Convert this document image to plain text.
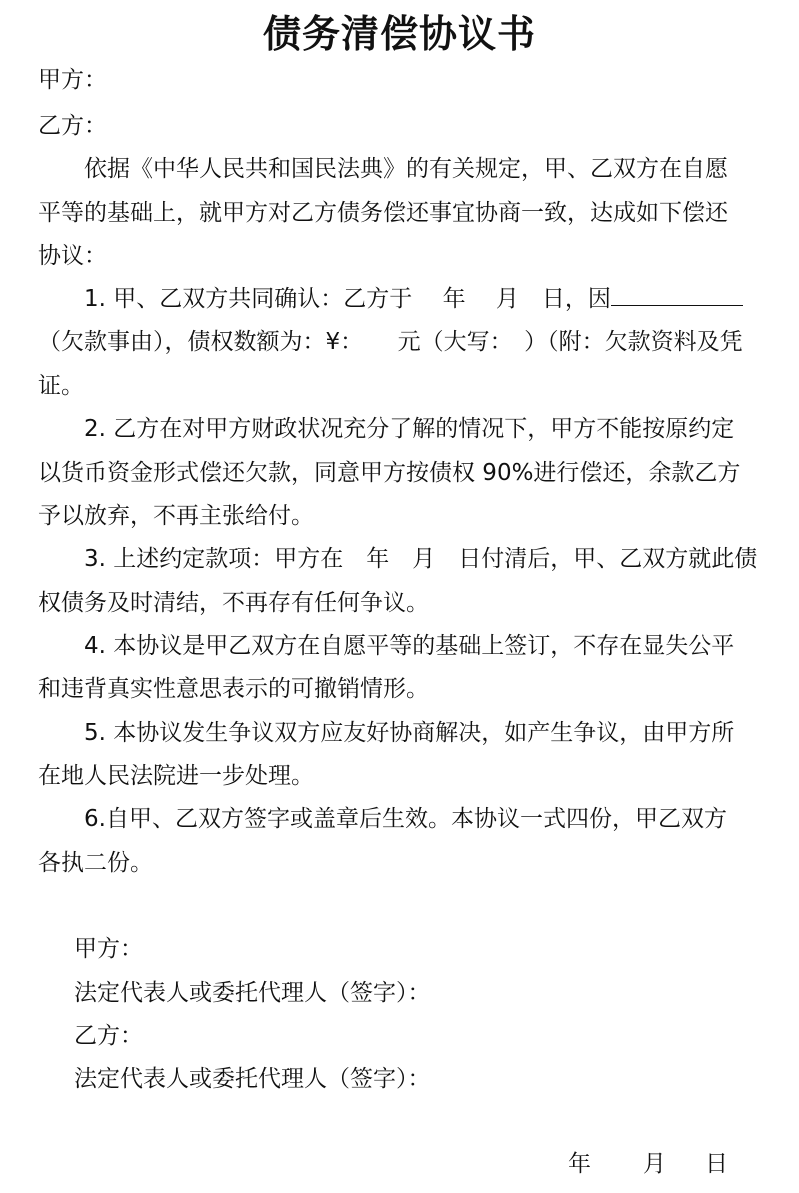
债务清偿协议书
甲方：
乙方：
依据《中华人民共和国民法典》的有关规定，甲、乙双方在自愿
平等的基础上，就甲方对乙方债务偿还事宜协商一致，达成如下偿还
协议：
1. 甲、乙双方共同确认：乙方于　 年　 月　日，因
（欠款事由），债权数额为：¥：　　元（大写：　）（附：欠款资料及凭
证。
2. 乙方在对甲方财政状况充分了解的情况下，甲方不能按原约定
以货币资金形式偿还欠款，同意甲方按债权 90%进行偿还，余款乙方
予以放弃，不再主张给付。
3. 上述约定款项：甲方在　年　月　日付清后，甲、乙双方就此债
权债务及时清结，不再存有任何争议。
4. 本协议是甲乙双方在自愿平等的基础上签订，不存在显失公平
和违背真实性意思表示的可撤销情形。
5. 本协议发生争议双方应友好协商解决，如产生争议，由甲方所
在地人民法院进一步处理。
6.自甲、乙双方签字或盖章后生效。本协议一式四份，甲乙双方
各执二份。
甲方：
法定代表人或委托代理人（签字）：
乙方：
法定代表人或委托代理人（签字）：
年 月 日
